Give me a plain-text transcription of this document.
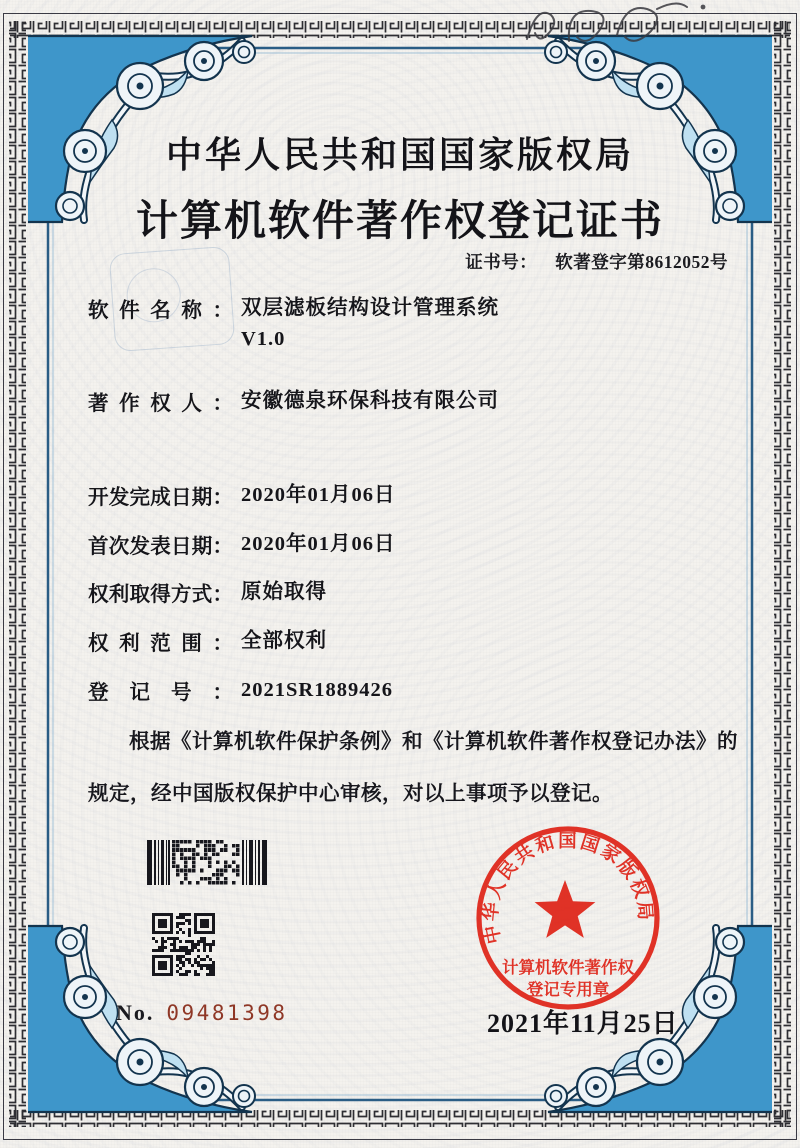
中华人民共和国国家版权局
计算机软件著作权登记证书
证书号： 软著登字第8612052号
软件名称： 双层滤板结构设计管理系统
V1.0
著作权人： 安徽德泉环保科技有限公司
开发完成日期： 2020年01月06日
首次发表日期： 2020年01月06日
权利取得方式： 原始取得
权利范围： 全部权利
登记号： 2021SR1889426
根据《计算机软件保护条例》和《计算机软件著作权登记办法》的规定，经中国版权保护中心审核，对以上事项予以登记。
No. 09481398	2021年11月25日
中华人民共和国国家版权局
计算机软件著作权
登记专用章
